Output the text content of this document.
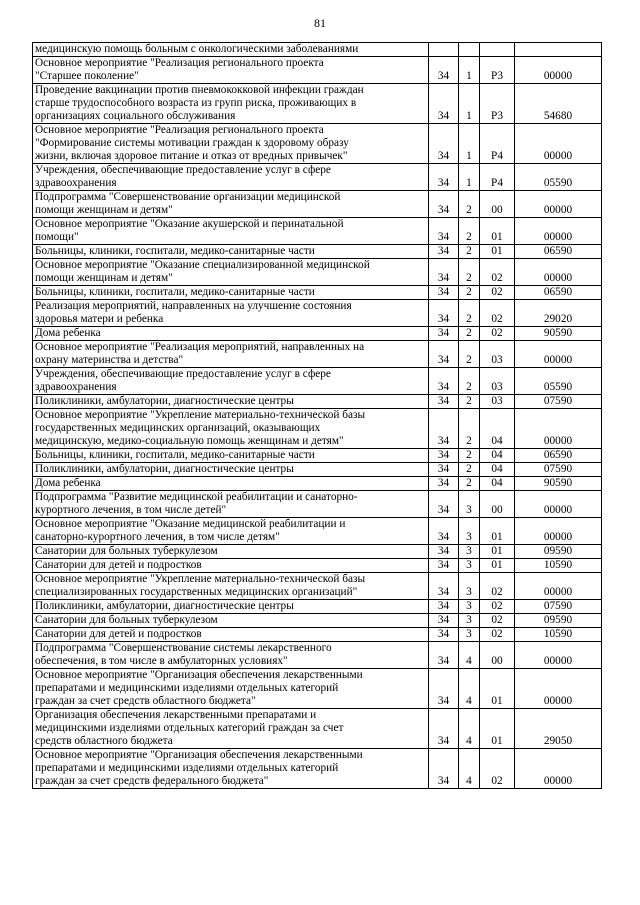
81
медицинскую помощь больным с онкологическими заболеваниями				
Основное мероприятие "Реализация регионального проекта
"Старшее поколение"	34	1	P3	00000
Проведение вакцинации против пневмококковой инфекции граждан
старше трудоспособного возраста из групп риска, проживающих в
организациях социального обслуживания	34	1	P3	54680
Основное мероприятие "Реализация регионального проекта
"Формирование системы мотивации граждан к здоровому образу
жизни, включая здоровое питание и отказ от вредных привычек"	34	1	P4	00000
Учреждения, обеспечивающие предоставление услуг в сфере
здравоохранения	34	1	P4	05590
Подпрограмма "Совершенствование организации медицинской
помощи женщинам и детям"	34	2	00	00000
Основное мероприятие "Оказание акушерской и перинатальной
помощи"	34	2	01	00000
Больницы, клиники, госпитали, медико-санитарные части	34	2	01	06590
Основное мероприятие "Оказание специализированной медицинской
помощи женщинам и детям"	34	2	02	00000
Больницы, клиники, госпитали, медико-санитарные части	34	2	02	06590
Реализация мероприятий, направленных на улучшение состояния
здоровья матери и ребенка	34	2	02	29020
Дома ребенка	34	2	02	90590
Основное мероприятие "Реализация мероприятий, направленных на
охрану материнства и детства"	34	2	03	00000
Учреждения, обеспечивающие предоставление услуг в сфере
здравоохранения	34	2	03	05590
Поликлиники, амбулатории, диагностические центры	34	2	03	07590
Основное мероприятие "Укрепление материально-технической базы
государственных медицинских организаций, оказывающих
медицинскую, медико-социальную помощь женщинам и детям"	34	2	04	00000
Больницы, клиники, госпитали, медико-санитарные части	34	2	04	06590
Поликлиники, амбулатории, диагностические центры	34	2	04	07590
Дома ребенка	34	2	04	90590
Подпрограмма "Развитие медицинской реабилитации и санаторно-
курортного лечения, в том числе детей"	34	3	00	00000
Основное мероприятие "Оказание медицинской реабилитации и
санаторно-курортного лечения, в том числе детям"	34	3	01	00000
Санатории для больных туберкулезом	34	3	01	09590
Санатории для детей и подростков	34	3	01	10590
Основное мероприятие "Укрепление материально-технической базы
специализированных государственных медицинских организаций"	34	3	02	00000
Поликлиники, амбулатории, диагностические центры	34	3	02	07590
Санатории для больных туберкулезом	34	3	02	09590
Санатории для детей и подростков	34	3	02	10590
Подпрограмма "Совершенствование системы лекарственного
обеспечения, в том числе в амбулаторных условиях"	34	4	00	00000
Основное мероприятие "Организация обеспечения лекарственными
препаратами и медицинскими изделиями отдельных категорий
граждан за счет средств областного бюджета"	34	4	01	00000
Организация обеспечения лекарственными препаратами и
медицинскими изделиями отдельных категорий граждан за счет
средств областного бюджета	34	4	01	29050
Основное мероприятие "Организация обеспечения лекарственными
препаратами и медицинскими изделиями отдельных категорий
граждан за счет средств федерального бюджета"	34	4	02	00000
